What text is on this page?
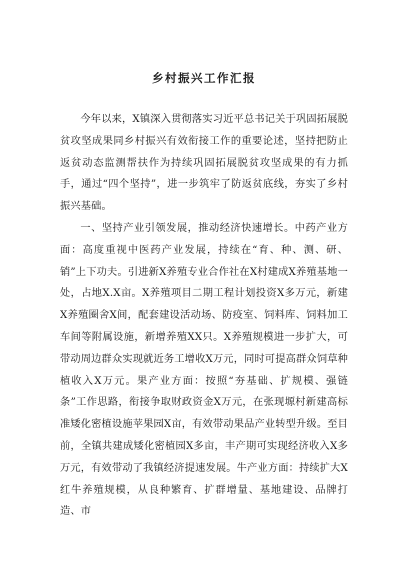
乡村振兴工作汇报

今年以来，X镇深入贯彻落实习近平总书记关于巩固拓展脱贫攻坚成果同乡村振兴有效衔接工作的重要论述，坚持把防止返贫动态监测帮扶作为持续巩固拓展脱贫攻坚成果的有力抓手，通过“四个坚持”，进一步筑牢了防返贫底线，夯实了乡村振兴基础。

一、坚持产业引领发展，推动经济快速增长。中药产业方面：高度重视中医药产业发展，持续在“育、种、测、研、销”上下功夫。引进新X养殖专业合作社在X村建成X养殖基地一处，占地X.X亩。X养殖项目二期工程计划投资X多万元，新建X养殖圈舍X间，配套建设活动场、防疫室、饲料库、饲料加工车间等附属设施，新增养殖XX只。X养殖规模进一步扩大，可带动周边群众实现就近务工增收X万元，同时可提高群众饲草种植收入X万元。果产业方面：按照“夯基础、扩规模、强链条”工作思路，衔接争取财政资金X万元，在张现塬村新建高标准矮化密植设施苹果园X亩，有效带动果品产业转型升级。至目前，全镇共建成矮化密植园X多亩，丰产期可实现经济收入X多万元，有效带动了我镇经济提速发展。牛产业方面：持续扩大X红牛养殖规模，从良种繁育、扩群增量、基地建设、品牌打造、市
